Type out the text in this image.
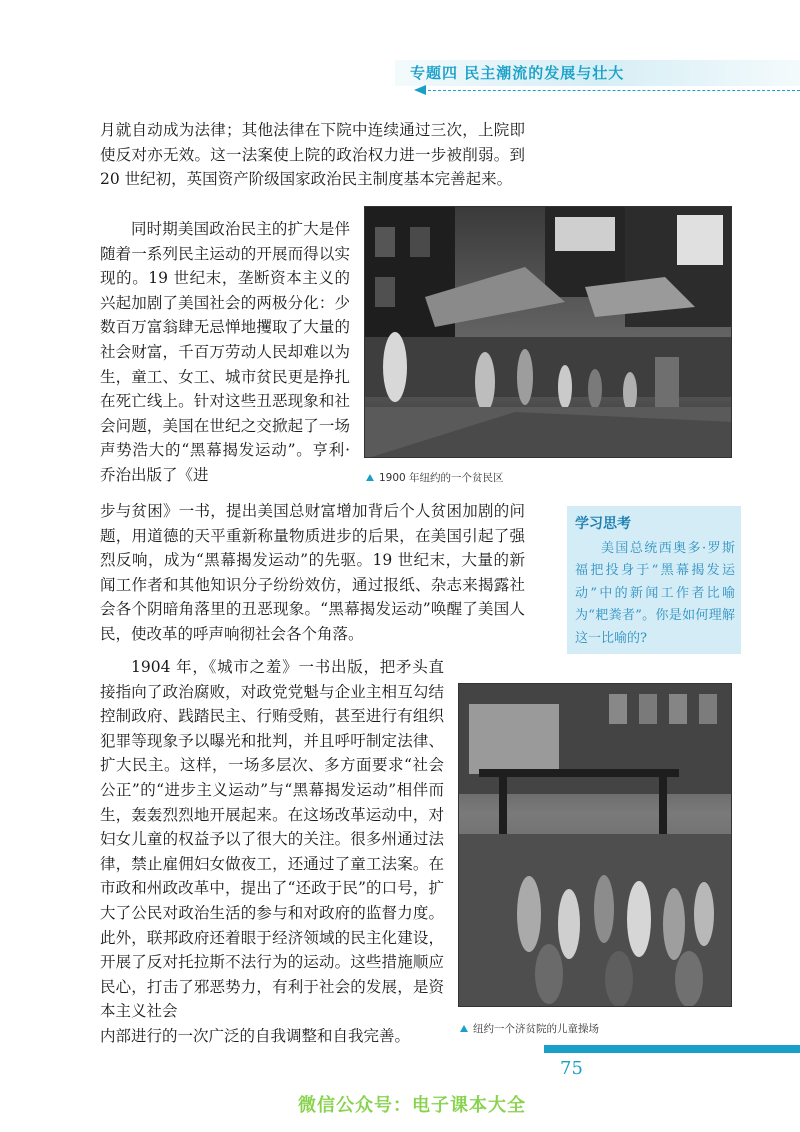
专题四 民主潮流的发展与壮大

月就自动成为法律；其他法律在下院中连续通过三次，上院即使反对亦无效。这一法案使上院的政治权力进一步被削弱。到 20 世纪初，英国资产阶级国家政治民主制度基本完善起来。

同时期美国政治民主的扩大是伴随着一系列民主运动的开展而得以实现的。19 世纪末，垄断资本主义的兴起加剧了美国社会的两极分化：少数百万富翁肆无忌惮地攫取了大量的社会财富，千百万劳动人民却难以为生，童工、女工、城市贫民更是挣扎在死亡线上。针对这些丑恶现象和社会问题，美国在世纪之交掀起了一场声势浩大的“黑幕揭发运动”。亨利·乔治出版了《进	1900 年纽约的一个贫民区

步与贫困》一书，提出美国总财富增加背后个人贫困加剧的问题，用道德的天平重新称量物质进步的后果，在美国引起了强烈反响，成为“黑幕揭发运动”的先驱。19 世纪末，大量的新闻工作者和其他知识分子纷纷效仿，通过报纸、杂志来揭露社会各个阴暗角落里的丑恶现象。“黑幕揭发运动”唤醒了美国人民，使改革的呼声响彻社会各个角落。

学习思考
美国总统西奥多·罗斯福把投身于“黑幕揭发运动”中的新闻工作者比喻为“耙粪者”。你是如何理解这一比喻的?

1904 年，《城市之羞》一书出版，把矛头直接指向了政治腐败，对政党党魁与企业主相互勾结控制政府、践踏民主、行贿受贿，甚至进行有组织犯罪等现象予以曝光和批判，并且呼吁制定法律、扩大民主。这样，一场多层次、多方面要求“社会公正”的“进步主义运动”与“黑幕揭发运动”相伴而生，轰轰烈烈地开展起来。在这场改革运动中，对妇女儿童的权益予以了很大的关注。很多州通过法律，禁止雇佣妇女做夜工，还通过了童工法案。在市政和州政改革中，提出了“还政于民”的口号，扩大了公民对政治生活的参与和对政府的监督力度。此外，联邦政府还着眼于经济领域的民主化建设，开展了反对托拉斯不法行为的运动。这些措施顺应民心，打击了邪恶势力，有利于社会的发展，是资本主义社会

纽约一个济贫院的儿童操场

内部进行的一次广泛的自我调整和自我完善。

75
微信公众号：电子课本大全
